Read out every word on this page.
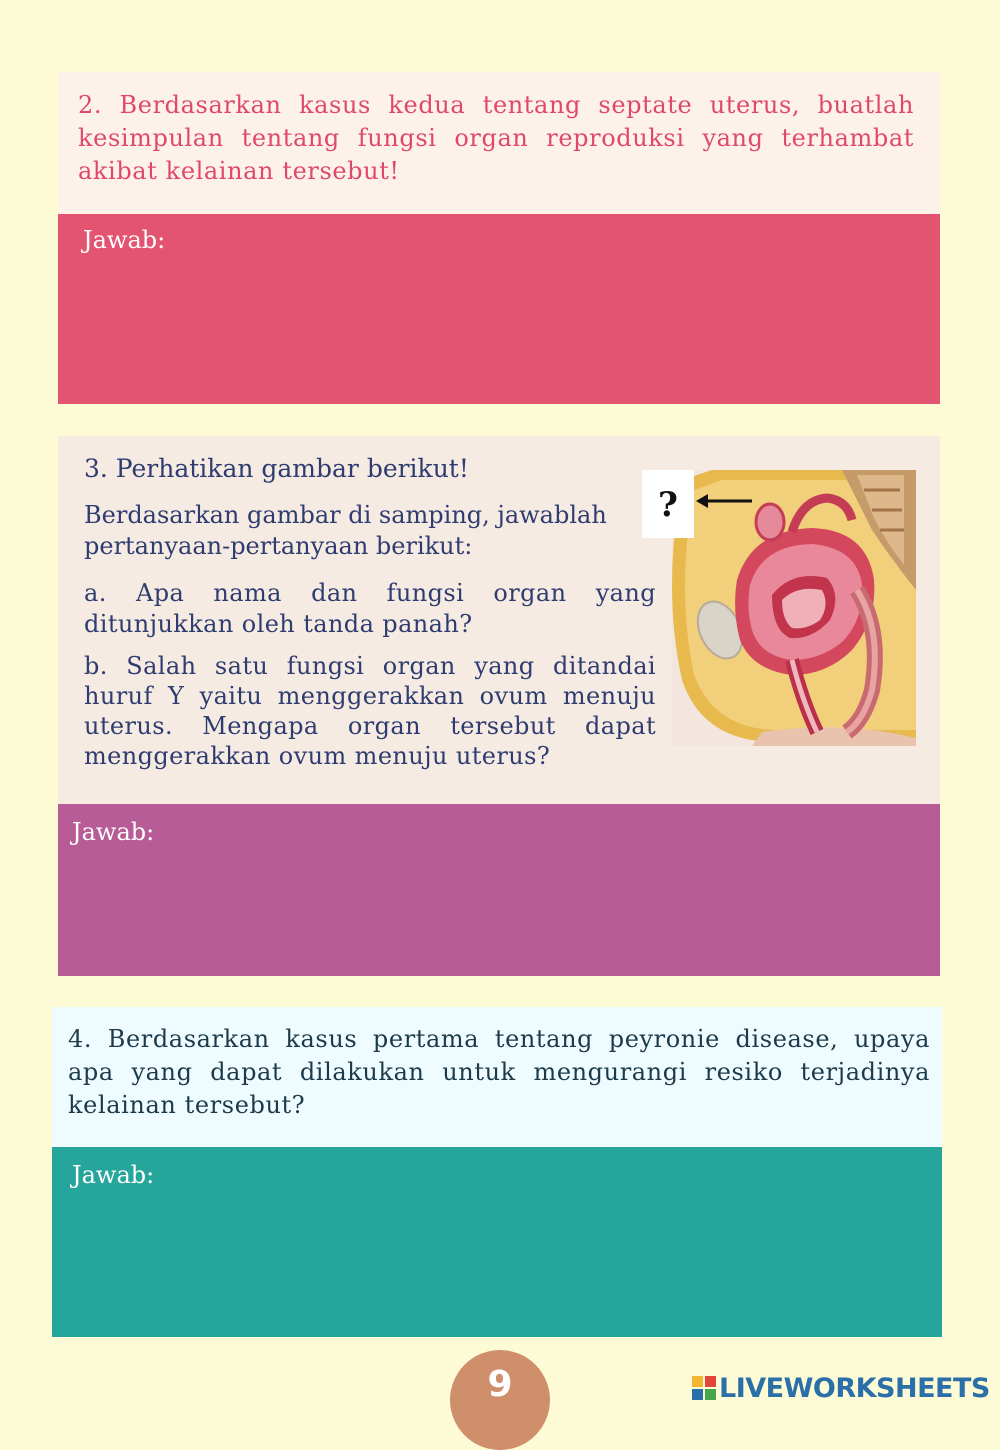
2. Berdasarkan kasus kedua tentang septate uterus, buatlah kesimpulan tentang fungsi organ reproduksi yang terhambat akibat kelainan tersebut!

Jawab:

3. Perhatikan gambar berikut!

Berdasarkan gambar di samping, jawablah pertanyaan-pertanyaan berikut:

a. Apa nama dan fungsi organ yang ditunjukkan oleh tanda panah?

b. Salah satu fungsi organ yang ditandai huruf Y yaitu menggerakkan ovum menuju uterus. Mengapa organ tersebut dapat menggerakkan ovum menuju uterus?

?
Jawab:

4. Berdasarkan kasus pertama tentang peyronie disease, upaya apa yang dapat dilakukan untuk mengurangi resiko terjadinya kelainan tersebut?

Jawab:
9	LIVEWORKSHEETS
